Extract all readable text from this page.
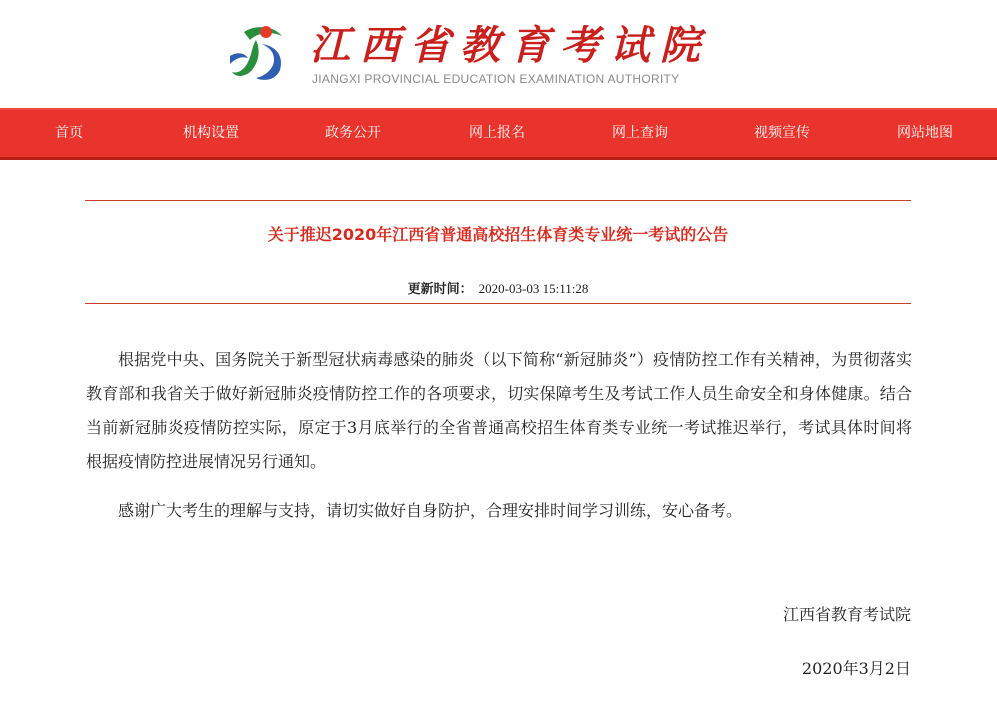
江西省教育考试院
JIANGXI PROVINCIAL EDUCATION EXAMINATION AUTHORITY
首页	机构设置	政务公开	网上报名	网上查询	视频宣传	网站地图
关于推迟2020年江西省普通高校招生体育类专业统一考试的公告
更新时间： 2020-03-03 15:11:28
根据党中央、国务院关于新型冠状病毒感染的肺炎（以下简称“新冠肺炎”）疫情防控工作有关精神，为贯彻落实教育部和我省关于做好新冠肺炎疫情防控工作的各项要求，切实保障考生及考试工作人员生命安全和身体健康。结合当前新冠肺炎疫情防控实际，原定于3月底举行的全省普通高校招生体育类专业统一考试推迟举行，考试具体时间将根据疫情防控进展情况另行通知。
感谢广大考生的理解与支持，请切实做好自身防护，合理安排时间学习训练，安心备考。
江西省教育考试院
2020年3月2日
